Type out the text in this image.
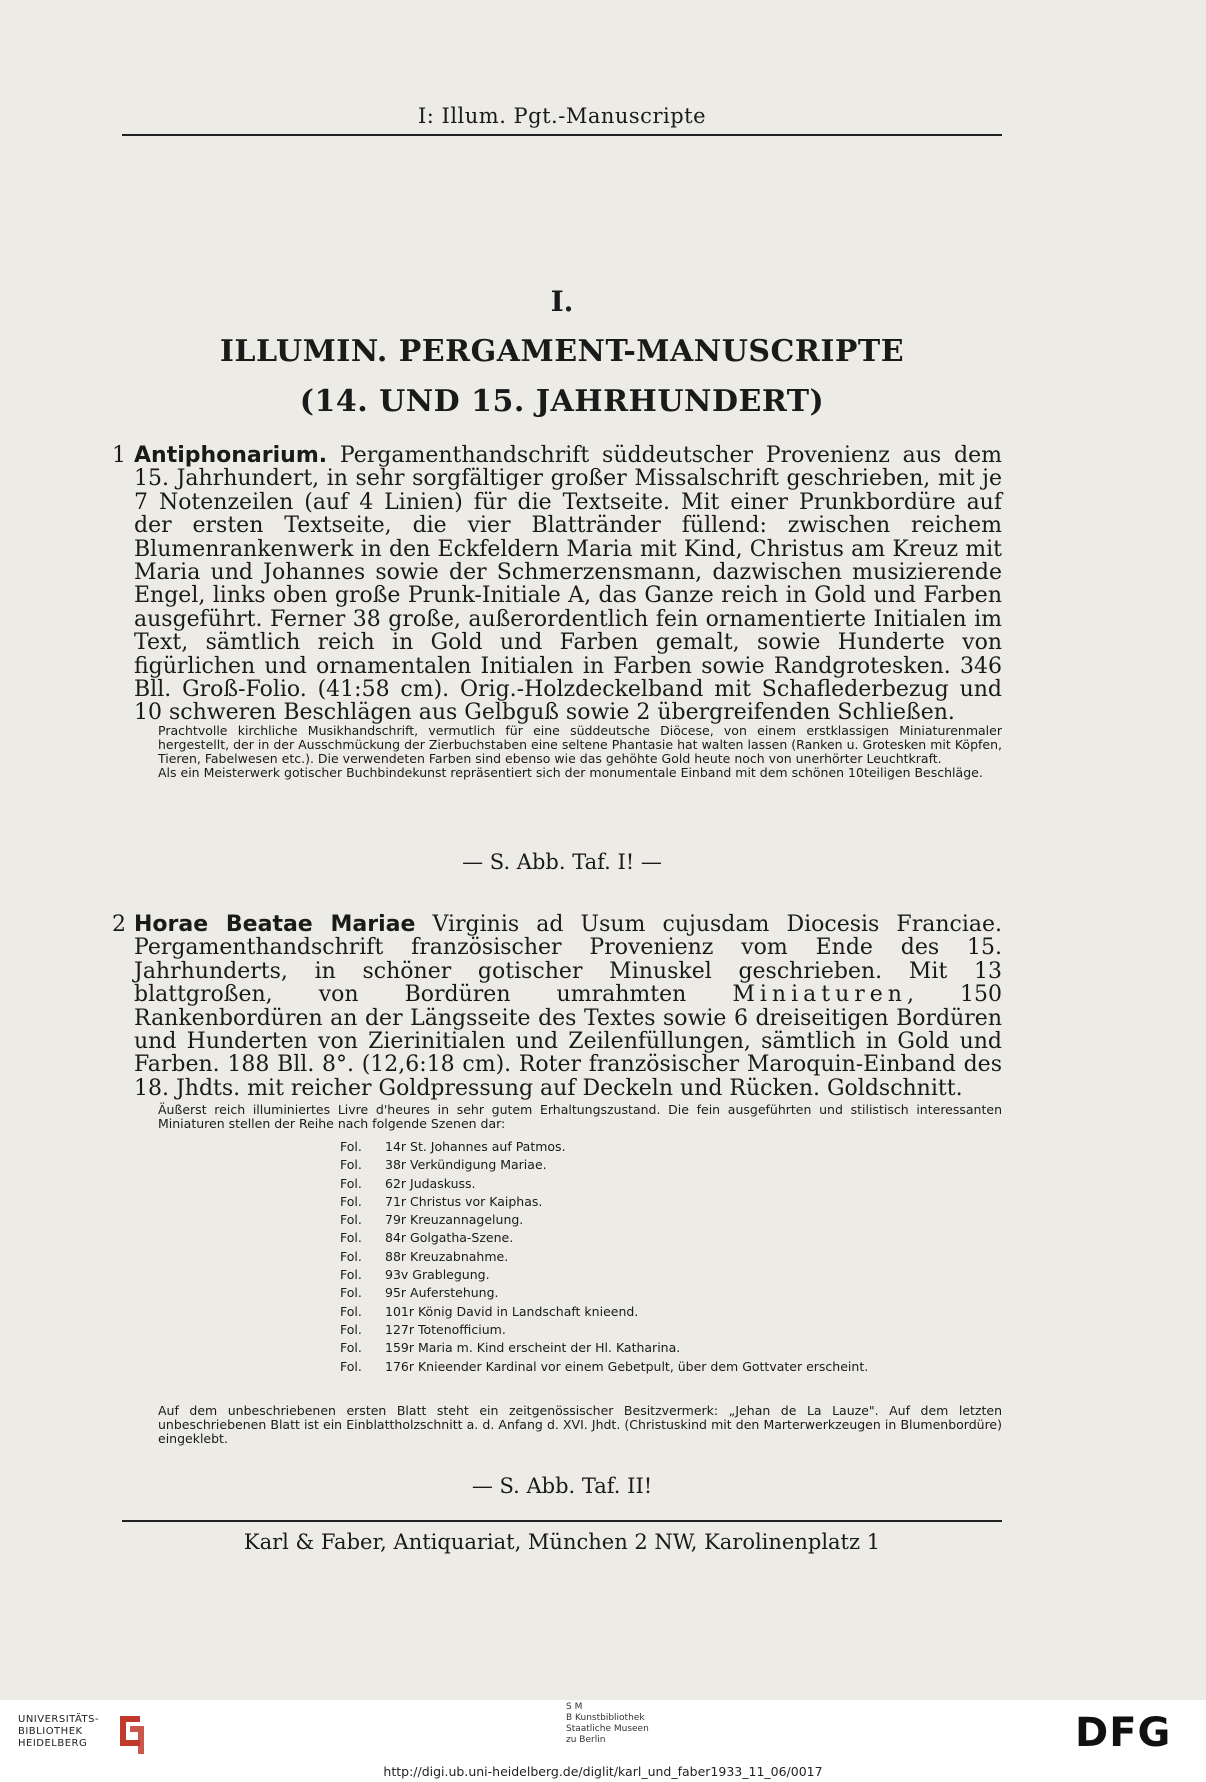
I: Illum. Pgt.-Manuscripte
I.
ILLUMIN. PERGAMENT-MANUSCRIPTE
(14. UND 15. JAHRHUNDERT)
1 Antiphonarium. Pergamenthandschrift süddeutscher Provenienz aus dem 15. Jahrhundert, in sehr sorgfältiger großer Missalschrift geschrieben, mit je 7 Notenzeilen (auf 4 Linien) für die Textseite. Mit einer Prunkbordüre auf der ersten Textseite, die vier Blattränder füllend: zwischen reichem Blumenrankenwerk in den Eckfeldern Maria mit Kind, Christus am Kreuz mit Maria und Johannes sowie der Schmerzensmann, dazwischen musizierende Engel, links oben große Prunk-Initiale A, das Ganze reich in Gold und Farben ausgeführt. Ferner 38 große, außerordentlich fein ornamentierte Initialen im Text, sämtlich reich in Gold und Farben gemalt, sowie Hunderte von figürlichen und ornamentalen Initialen in Farben sowie Randgrotesken. 346 Bll. Groß-Folio. (41:58 cm). Orig.-Holzdeckelband mit Schaflederbezug und 10 schweren Beschlägen aus Gelbguß sowie 2 übergreifenden Schließen.

Prachtvolle kirchliche Musikhandschrift, vermutlich für eine süddeutsche Diöcese, von einem erstklassigen Miniaturenmaler hergestellt, der in der Ausschmückung der Zierbuchstaben eine seltene Phantasie hat walten lassen (Ranken u. Grotesken mit Köpfen, Tieren, Fabelwesen etc.). Die verwendeten Farben sind ebenso wie das gehöhte Gold heute noch von unerhörter Leuchtkraft.

Als ein Meisterwerk gotischer Buchbindekunst repräsentiert sich der monumentale Einband mit dem schönen 10teiligen Beschläge.

— S. Abb. Taf. I! —
2 Horae Beatae Mariae Virginis ad Usum cujusdam Diocesis Franciae. Pergamenthandschrift französischer Provenienz vom Ende des 15. Jahrhunderts, in schöner gotischer Minuskel geschrieben. Mit 13 blattgroßen, von Bordüren umrahmten Miniaturen, 150 Rankenbordüren an der Längsseite des Textes sowie 6 dreiseitigen Bordüren und Hunderten von Zierinitialen und Zeilenfüllungen, sämtlich in Gold und Farben. 188 Bll. 8°. (12,6:18 cm). Roter französischer Maroquin-Einband des 18. Jhdts. mit reicher Goldpressung auf Deckeln und Rücken. Goldschnitt.
Äußerst reich illuminiertes Livre d'heures in sehr gutem Erhaltungszustand. Die fein ausgeführten und stilistisch interessanten Miniaturen stellen der Reihe nach folgende Szenen dar:
Fol. 14r St. Johannes auf Patmos.
Fol. 38r Verkündigung Mariae.
Fol. 62r Judaskuss.
Fol. 71r Christus vor Kaiphas.
Fol. 79r Kreuzannagelung.
Fol. 84r Golgatha-Szene.
Fol. 88r Kreuzabnahme.
Fol. 93v Grablegung.
Fol. 95r Auferstehung.
Fol. 101r König David in Landschaft knieend.
Fol. 127r Totenofficium.
Fol. 159r Maria m. Kind erscheint der Hl. Katharina.
Fol. 176r Knieender Kardinal vor einem Gebetpult, über dem Gottvater erscheint.
Auf dem unbeschriebenen ersten Blatt steht ein zeitgenössischer Besitzvermerk: „Jehan de La Lauze". Auf dem letzten unbeschriebenen Blatt ist ein Einblattholzschnitt a. d. Anfang d. XVI. Jhdt. (Christuskind mit den Marterwerkzeugen in Blumenbordüre) eingeklebt.
— S. Abb. Taf. II!
Karl & Faber, Antiquariat, München 2 NW, Karolinenplatz 1
UNIVERSITÄTS-
BIBLIOTHEK
HEIDELBERG
S M
B Kunstbibliothek
Staatliche Museen
zu Berlin	DFG
http://digi.ub.uni-heidelberg.de/diglit/karl_und_faber1933_11_06/0017
